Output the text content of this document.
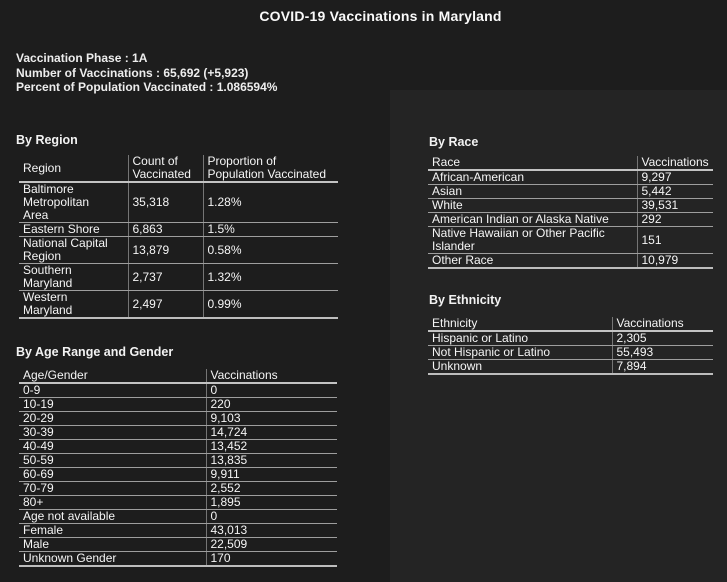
COVID-19 Vaccinations in Maryland
Vaccination Phase : 1A
Number of Vaccinations : 65,692 (+5,923)
Percent of Population Vaccinated : 1.086594%
By Region
Region	Count of Vaccinated	Proportion of Population Vaccinated
Baltimore Metropolitan Area	35,318	1.28%
Eastern Shore	6,863	1.5%
National Capital Region	13,879	0.58%
Southern Maryland	2,737	1.32%
Western Maryland	2,497	0.99%
By Age Range and Gender
Age/Gender	Vaccinations
0-9	0
10-19	220
20-29	9,103
30-39	14,724
40-49	13,452
50-59	13,835
60-69	9,911
70-79	2,552
80+	1,895
Age not available	0
Female	43,013
Male	22,509
Unknown Gender	170
By Race
Race	Vaccinations
African-American	9,297
Asian	5,442
White	39,531
American Indian or Alaska Native	292
Native Hawaiian or Other Pacific Islander	151
Other Race	10,979
By Ethnicity
Ethnicity	Vaccinations
Hispanic or Latino	2,305
Not Hispanic or Latino	55,493
Unknown	7,894
